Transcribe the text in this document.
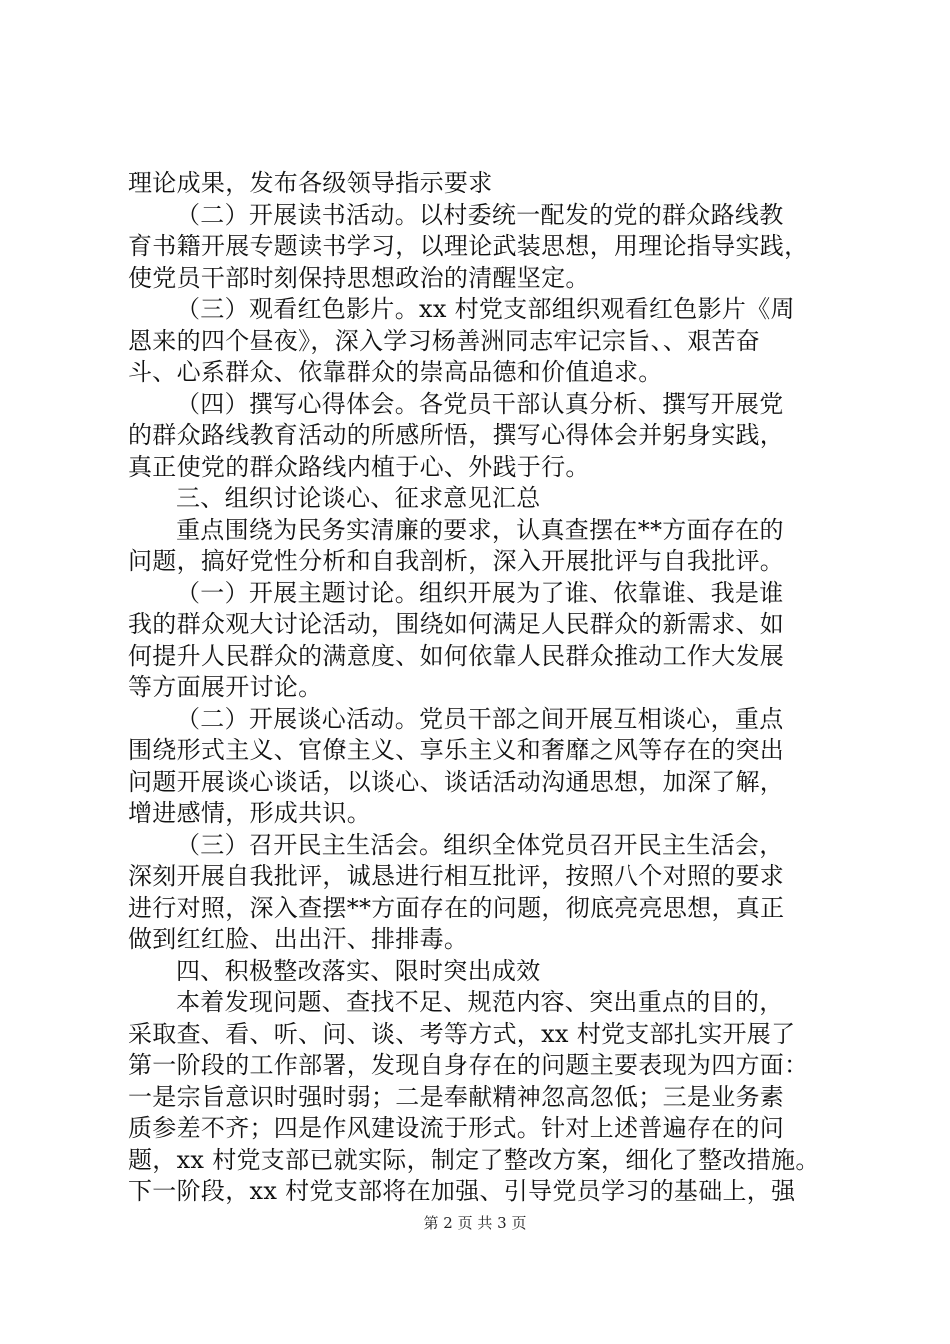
理论成果，发布各级领导指示要求
（二）开展读书活动。以村委统一配发的党的群众路线教
育书籍开展专题读书学习，以理论武装思想，用理论指导实践，
使党员干部时刻保持思想政治的清醒坚定。
（三）观看红色影片。xx 村党支部组织观看红色影片《周
恩来的四个昼夜》，深入学习杨善洲同志牢记宗旨、、艰苦奋
斗、心系群众、依靠群众的崇高品德和价值追求。
（四）撰写心得体会。各党员干部认真分析、撰写开展党
的群众路线教育活动的所感所悟，撰写心得体会并躬身实践，
真正使党的群众路线内植于心、外践于行。
三、组织讨论谈心、征求意见汇总
重点围绕为民务实清廉的要求，认真查摆在**方面存在的
问题，搞好党性分析和自我剖析，深入开展批评与自我批评。
（一）开展主题讨论。组织开展为了谁、依靠谁、我是谁
我的群众观大讨论活动，围绕如何满足人民群众的新需求、如
何提升人民群众的满意度、如何依靠人民群众推动工作大发展
等方面展开讨论。
（二）开展谈心活动。党员干部之间开展互相谈心，重点
围绕形式主义、官僚主义、享乐主义和奢靡之风等存在的突出
问题开展谈心谈话，以谈心、谈话活动沟通思想，加深了解，
增进感情，形成共识。
（三）召开民主生活会。组织全体党员召开民主生活会，
深刻开展自我批评，诚恳进行相互批评，按照八个对照的要求
进行对照，深入查摆**方面存在的问题，彻底亮亮思想，真正
做到红红脸、出出汗、排排毒。
四、积极整改落实、限时突出成效
本着发现问题、查找不足、规范内容、突出重点的目的，
采取查、看、听、问、谈、考等方式，xx 村党支部扎实开展了
第一阶段的工作部署，发现自身存在的问题主要表现为四方面：
一是宗旨意识时强时弱；二是奉献精神忽高忽低；三是业务素
质参差不齐；四是作风建设流于形式。针对上述普遍存在的问
题，xx 村党支部已就实际，制定了整改方案，细化了整改措施。
下一阶段，xx 村党支部将在加强、引导党员学习的基础上，强
第 2 页 共 3 页
